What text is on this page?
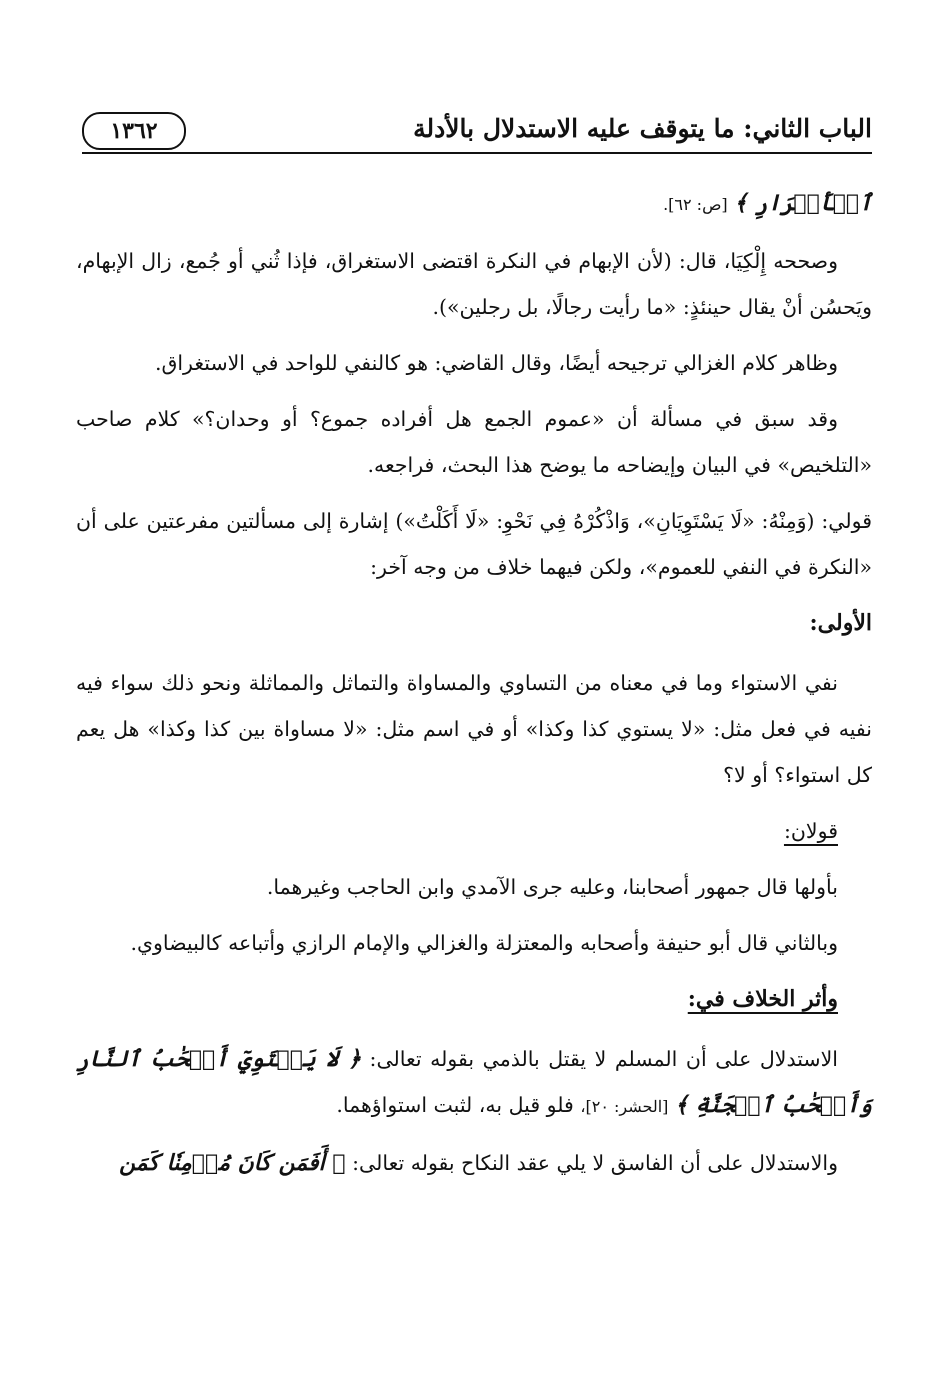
الباب الثاني: ما يتوقف عليه الاستدلال بالأدلة
١٣٦٢

ٱلۡأَشۡرَارِ ﴾ [ص: ٦٢].

وصححه إِلْكِيَا، قال: (لأن الإبهام في النكرة اقتضى الاستغراق، فإذا ثُني أو جُمع، زال الإبهام، ويَحسُن أنْ يقال حينئذٍ: «ما رأيت رجالًا، بل رجلين»).

وظاهر كلام الغزالي ترجيحه أيضًا، وقال القاضي: هو كالنفي للواحد في الاستغراق.

وقد سبق في مسألة أن «عموم الجمع هل أفراده جموع؟ أو وحدان؟» كلام صاحب «التلخيص» في البيان وإيضاحه ما يوضح هذا البحث، فراجعه.

قولي: (وَمِنْهُ: «لَا يَسْتَوِيَانِ»، وَاذْكُرْهُ فِي نَحْوِ: «لَا أَكَلْتُ») إشارة إلى مسألتين مفرعتين على أن «النكرة في النفي للعموم»، ولكن فيهما خلاف من وجه آخر:

الأولى:

نفي الاستواء وما في معناه من التساوي والمساواة والتماثل والمماثلة ونحو ذلك سواء فيه نفيه في فعل مثل: «لا يستوي كذا وكذا» أو في اسم مثل: «لا مساواة بين كذا وكذا» هل يعم كل استواء؟ أو لا؟

قولان:

بأولها قال جمهور أصحابنا، وعليه جرى الآمدي وابن الحاجب وغيرهما.

وبالثاني قال أبو حنيفة وأصحابه والمعتزلة والغزالي والإمام الرازي وأتباعه كالبيضاوي.

وأثر الخلاف في:

الاستدلال على أن المسلم لا يقتل بالذمي بقوله تعالى: ﴿ لَا يَسۡتَوِيٓ أَصۡحَٰبُ ٱلنَّارِ وَأَصۡحَٰبُ ٱلۡجَنَّةِ ﴾ [الحشر: ٢٠]، فلو قيل به، لثبت استواؤهما.

والاستدلال على أن الفاسق لا يلي عقد النكاح بقوله تعالى: ﴿ أَفَمَن كَانَ مُؤۡمِنٗا كَمَن
